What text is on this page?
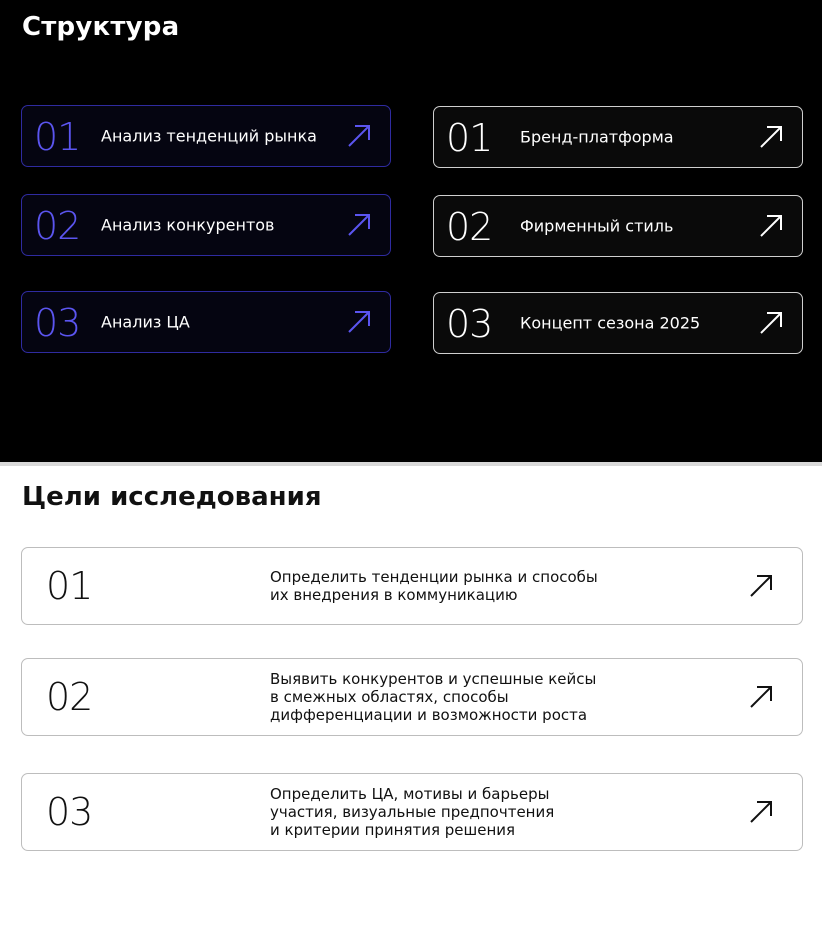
Структура
01 Анализ тенденций рынка
02 Анализ конкурентов
03 Анализ ЦА
01 Бренд-платформа
02 Фирменный стиль
03 Концепт сезона 2025
Цели исследования
01	Определить тенденции рынка и способы
их внедрения в коммуникацию
02	Выявить конкурентов и успешные кейсы
в смежных областях, способы
дифференциации и возможности роста
03	Определить ЦА, мотивы и барьеры
участия, визуальные предпочтения
и критерии принятия решения
